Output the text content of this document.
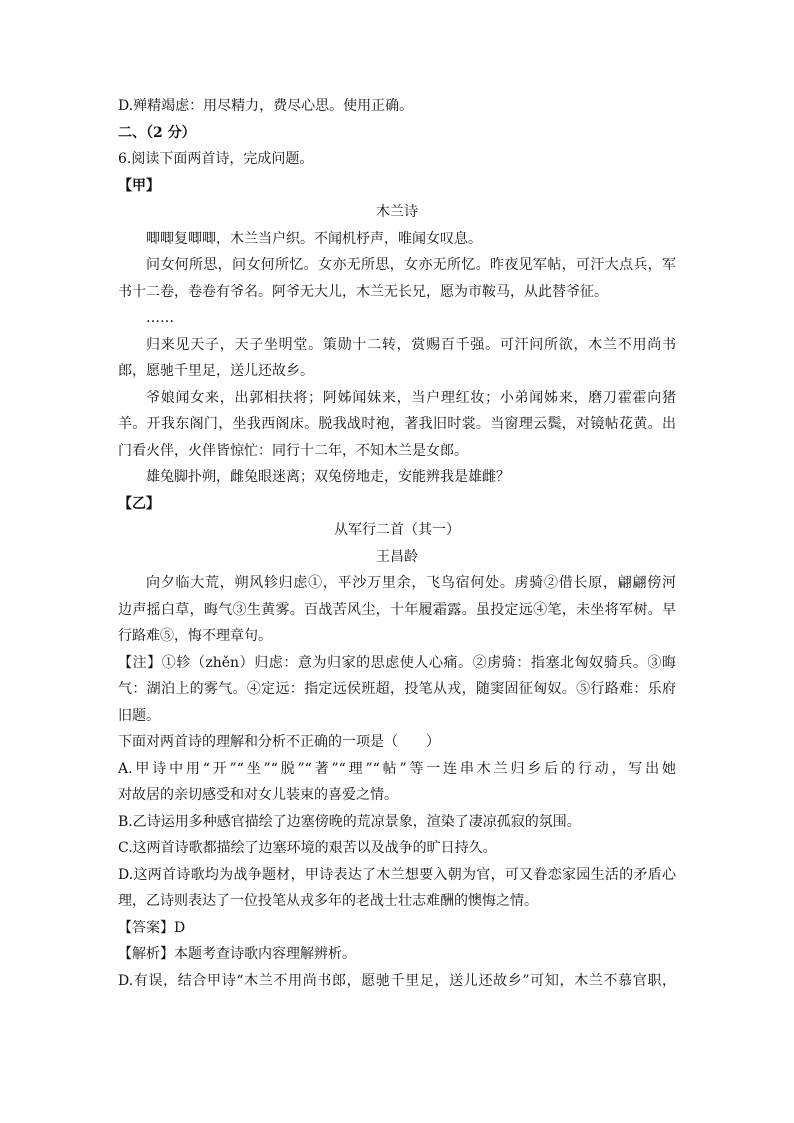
D.殚精竭虑：用尽精力，费尽心思。使用正确。
二、（2 分）
6.阅读下面两首诗，完成问题。
【甲】
木兰诗
唧唧复唧唧，木兰当户织。不闻机杼声，唯闻女叹息。
问女何所思，问女何所忆。女亦无所思，女亦无所忆。昨夜见军帖，可汗大点兵，军
书十二卷，卷卷有爷名。阿爷无大儿，木兰无长兄，愿为市鞍马，从此替爷征。
……
归来见天子，天子坐明堂。策勋十二转，赏赐百千强。可汗问所欲，木兰不用尚书
郎，愿驰千里足，送儿还故乡。
爷娘闻女来，出郭相扶将；阿姊闻妹来，当户理红妆；小弟闻姊来，磨刀霍霍向猪
羊。开我东阁门，坐我西阁床。脱我战时袍，著我旧时裳。当窗理云鬓，对镜帖花黄。出
门看火伴，火伴皆惊忙：同行十二年，不知木兰是女郎。
雄兔脚扑朔，雌兔眼迷离；双兔傍地走，安能辨我是雄雌？
【乙】
从军行二首（其一）
王昌龄
向夕临大荒，朔风轸归虑①，平沙万里余，飞鸟宿何处。虏骑②借长原，翩翩傍河
边声摇白草，晦气③生黄雾。百战苦风尘，十年履霜露。虽投定远④笔，未坐将军树。早
行路难⑤，悔不理章句。
【注】①轸（zhěn）归虑：意为归家的思虑使人心痛。②虏骑：指塞北匈奴骑兵。③晦
气：湖泊上的雾气。④定远：指定远侯班超，投笔从戎，随窦固征匈奴。⑤行路难：乐府
旧题。
下面对两首诗的理解和分析不正确的一项是（　　）
A.甲诗中用“开”“坐”“脱”“著”“理”“帖”等一连串木兰归乡后的行动，写出她
对故居的亲切感受和对女儿装束的喜爱之情。
B.乙诗运用多种感官描绘了边塞傍晚的荒凉景象，渲染了凄凉孤寂的氛围。
C.这两首诗歌都描绘了边塞环境的艰苦以及战争的旷日持久。
D.这两首诗歌均为战争题材，甲诗表达了木兰想要入朝为官，可又眷恋家园生活的矛盾心
理，乙诗则表达了一位投笔从戎多年的老战士壮志难酬的懊悔之情。
【答案】D
【解析】本题考查诗歌内容理解辨析。
D.有误，结合甲诗“木兰不用尚书郎，愿驰千里足，送儿还故乡”可知，木兰不慕官职，
